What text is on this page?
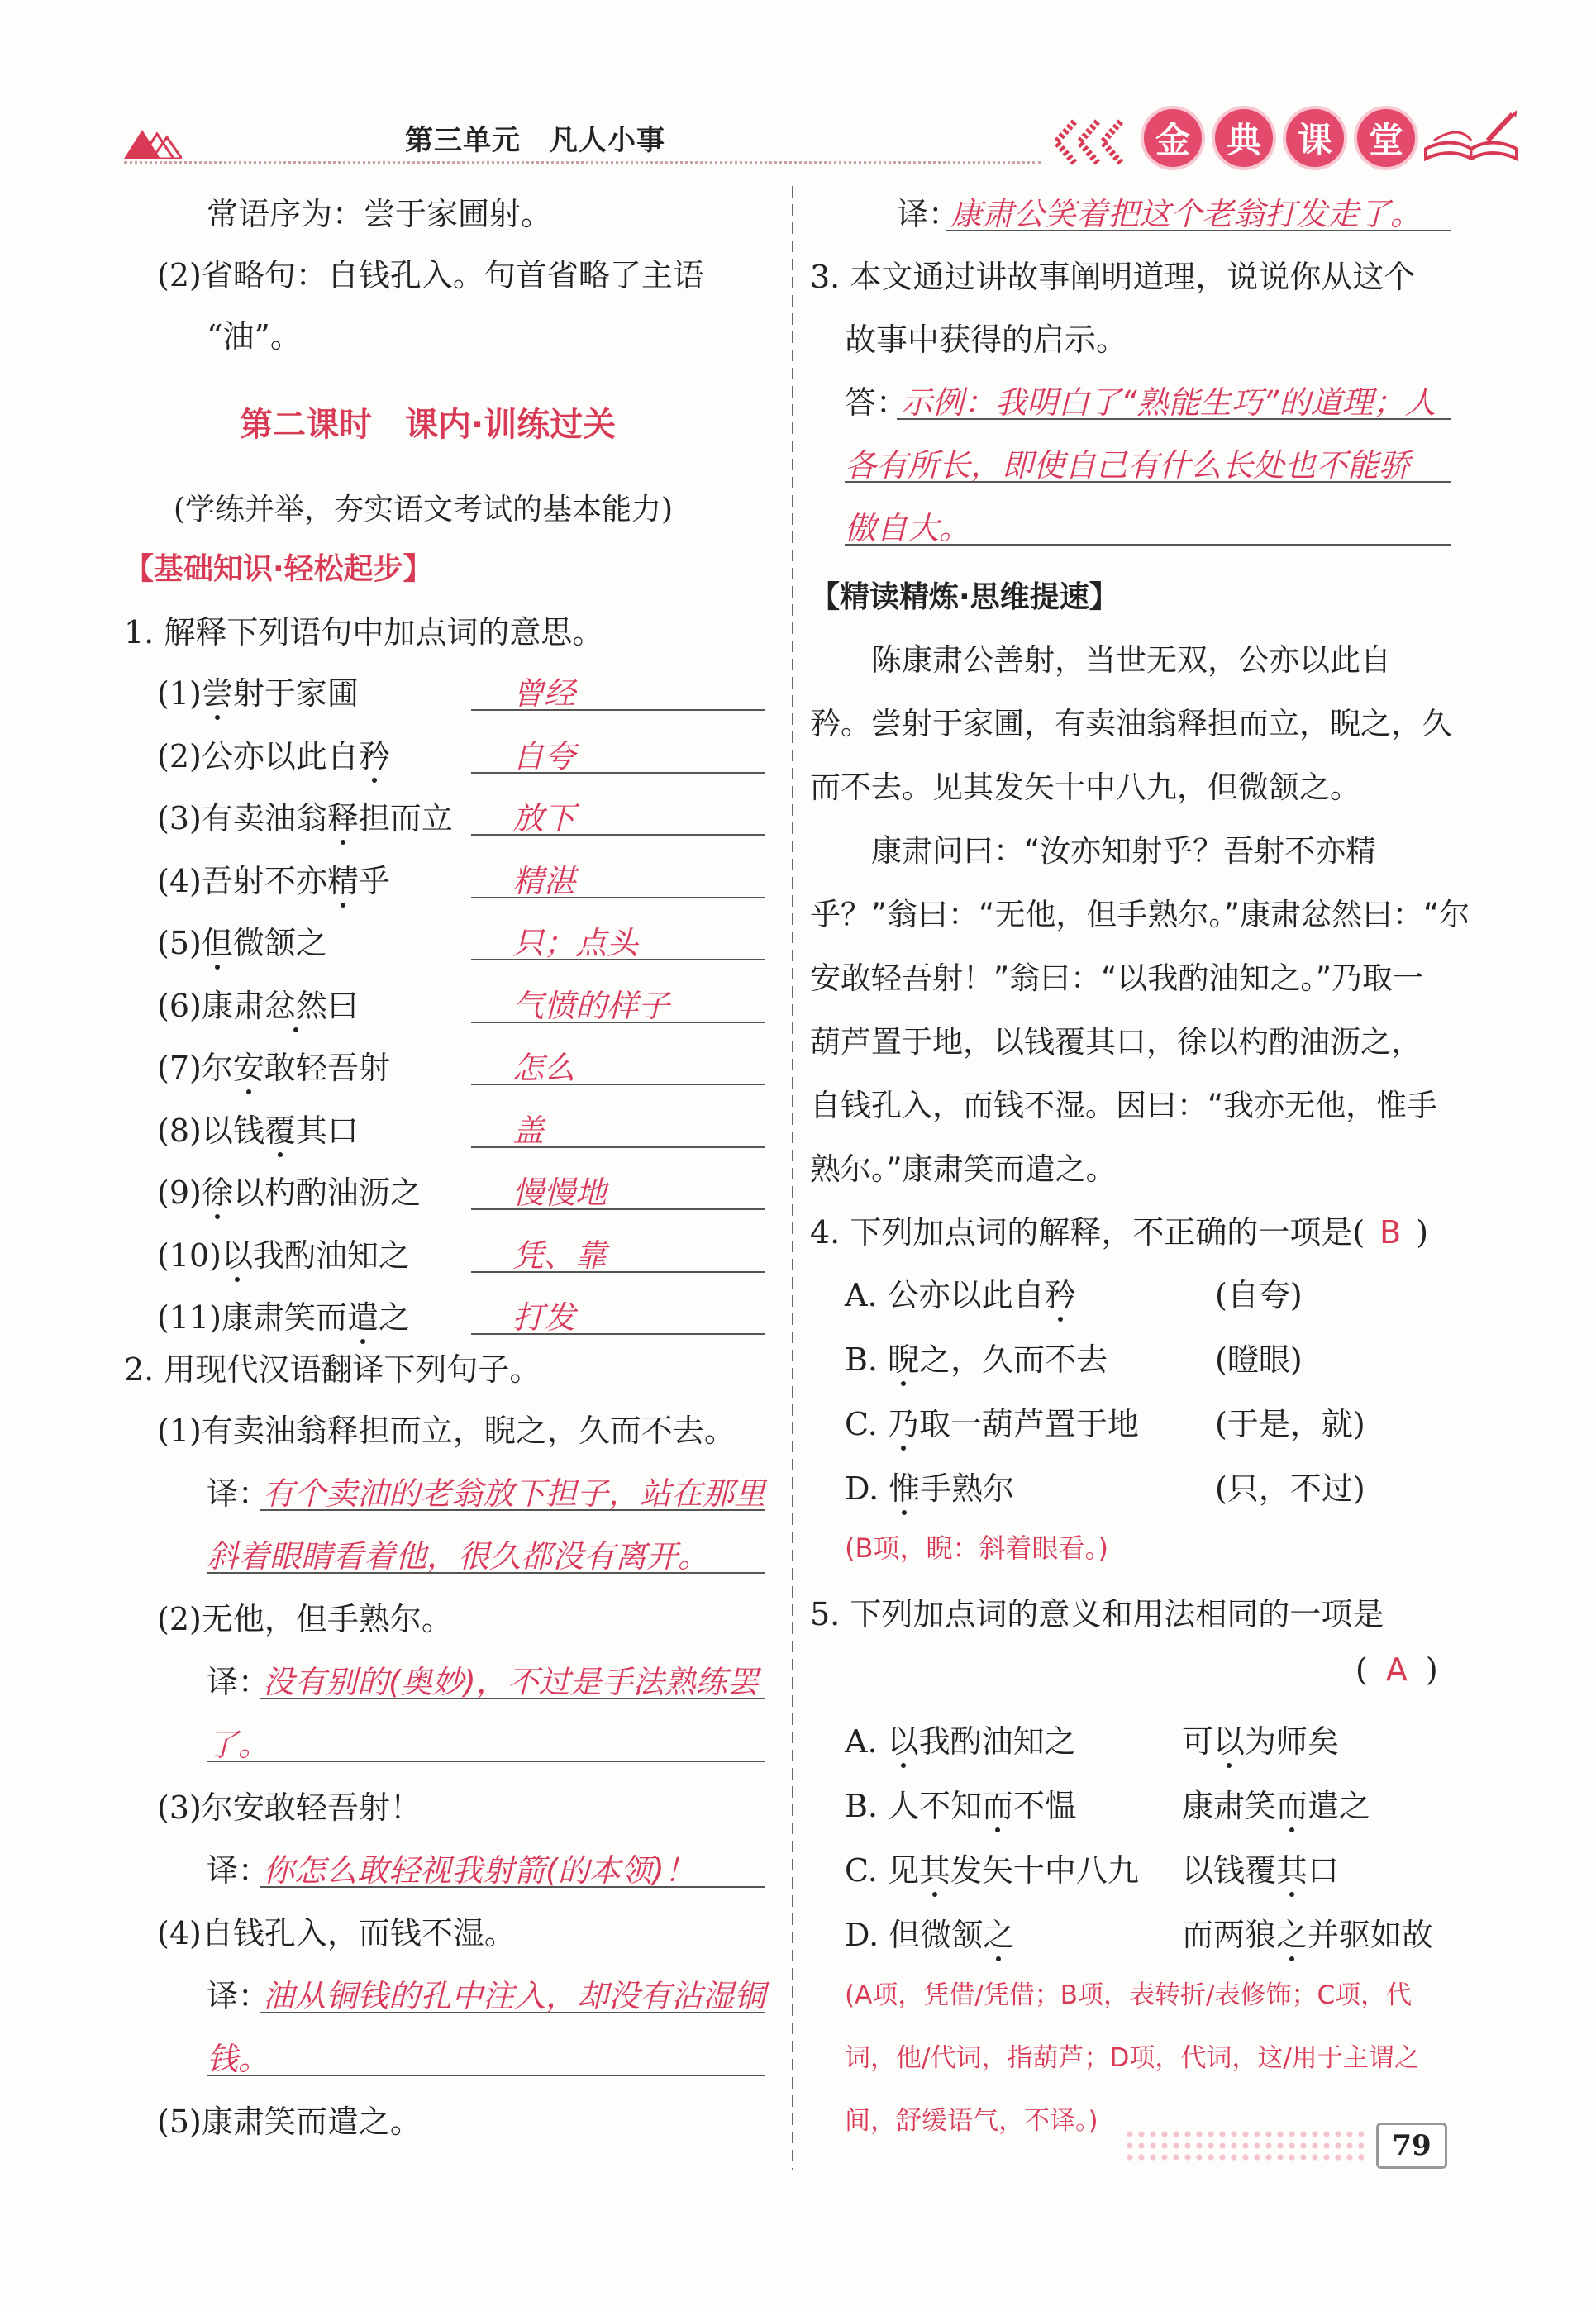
第三单元　凡人小事	金	典	课	堂
常语序为：尝于家圃射。
(2)省略句：自钱孔入。句首省略了主语
“油”。
第二课时　课内·训练过关
(学练并举，夯实语文考试的基本能力)
【基础知识·轻松起步】
1. 解释下列语句中加点词的意思。
(1)尝射于家圃	曾经
(2)公亦以此自矜	自夸
(3)有卖油翁释担而立 放下
(4)吾射不亦精乎	精湛
(5)但微颔之	只；点头
(6)康肃忿然曰	气愤的样子
(7)尔安敢轻吾射	怎么
(8)以钱覆其口	盖
(9)徐以杓酌油沥之	慢慢地
(10)以我酌油知之	凭、靠
(11)康肃笑而遣之	打发
2. 用现代汉语翻译下列句子。
(1)有卖油翁释担而立，睨之，久而不去。
译：
有个卖油的老翁放下担子，站在那里
斜着眼睛看着他，很久都没有离开。
(2)无他，但手熟尔。
译：
没有别的(奥妙)，不过是手法熟练罢
了。
(3)尔安敢轻吾射！
译：
你怎么敢轻视我射箭(的本领)！
(4)自钱孔入，而钱不湿。
译：
油从铜钱的孔中注入，却没有沾湿铜
钱。
(5)康肃笑而遣之。
译：
康肃公笑着把这个老翁打发走了。
3. 本文通过讲故事阐明道理，说说你从这个
故事中获得的启示。
答：
示例：我明白了“熟能生巧”的道理；人
各有所长，即使自己有什么长处也不能骄
傲自大。
【精读精炼·思维提速】
　　陈康肃公善射，当世无双，公亦以此自
矜。尝射于家圃，有卖油翁释担而立，睨之，久
而不去。见其发矢十中八九，但微颔之。
　　康肃问曰：“汝亦知射乎？吾射不亦精
乎？”翁曰：“无他，但手熟尔。”康肃忿然曰：“尔
安敢轻吾射！”翁曰：“以我酌油知之。”乃取一
葫芦置于地，以钱覆其口，徐以杓酌油沥之，
自钱孔入，而钱不湿。因曰：“我亦无他，惟手
熟尔。”康肃笑而遣之。
4. 下列加点词的解释，不正确的一项是( B )
A. 公亦以此自矜	(自夸)
B. 睨之，久而不去	(瞪眼)
C. 乃取一葫芦置于地 (于是，就)
D. 惟手熟尔	(只，不过)
(B项，睨：斜着眼看。)
5. 下列加点词的意义和用法相同的一项是
( A )
A. 以我酌油知之	可以为师矣
B. 人不知而不愠	康肃笑而遣之
C. 见其发矢十中八九 以钱覆其口
D. 但微颔之	而两狼之并驱如故
(A项，凭借/凭借；B项，表转折/表修饰；C项，代
词，他/代词，指葫芦；D项，代词，这/用于主谓之
间，舒缓语气，不译。)
79
